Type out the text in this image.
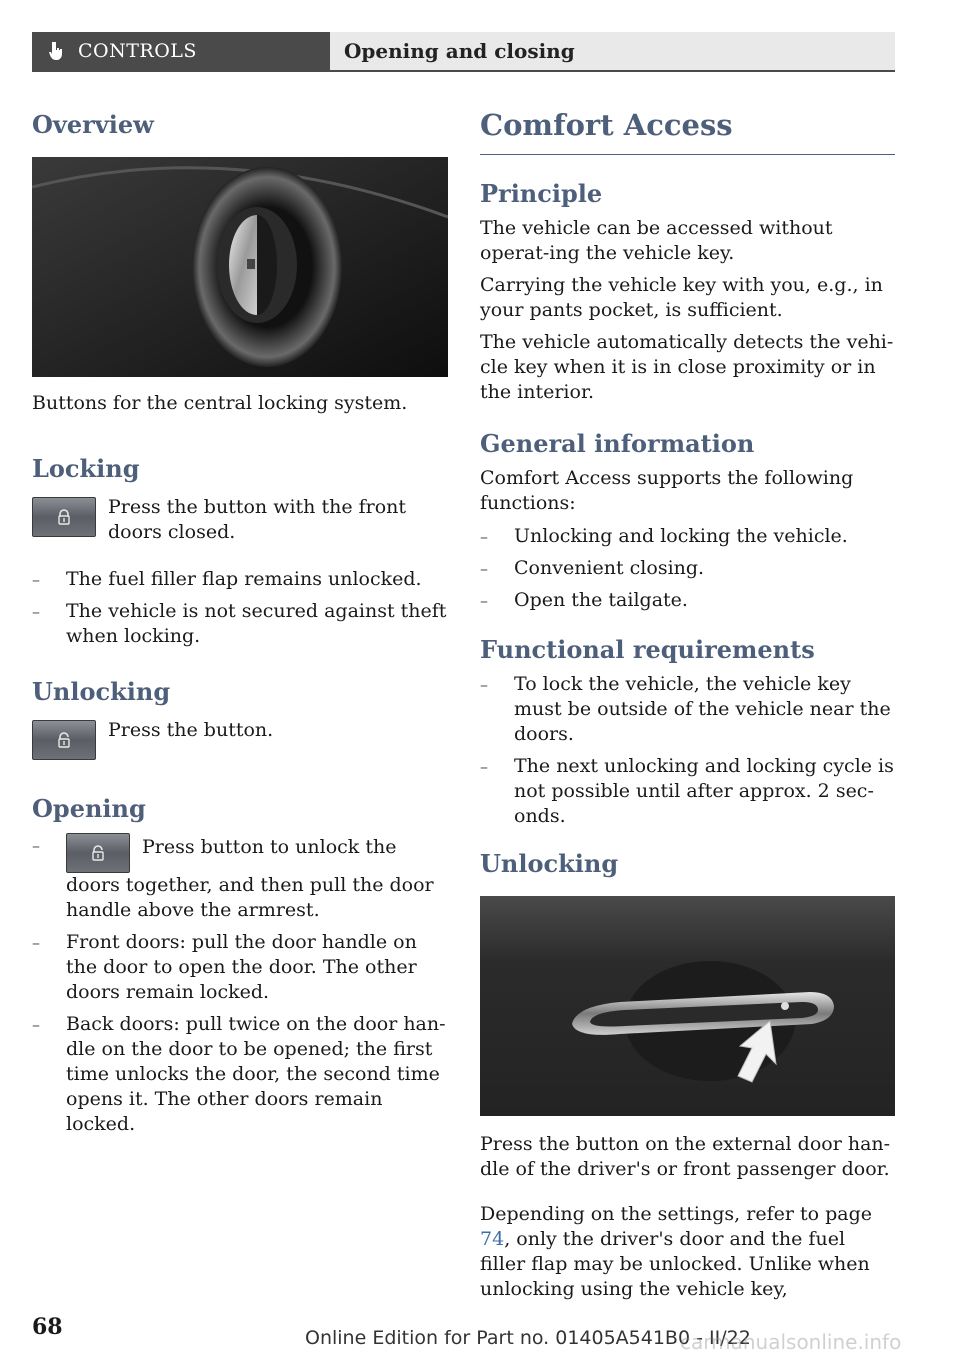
CONTROLS	Opening and closing
Overview

Buttons for the central locking system.

Locking

Press the button with the front doors closed.

– The fuel filler flap remains unlocked.
– The vehicle is not secured against theft when locking.
Unlocking

Press the button.

Opening
– Press button to unlock the doors together, and then pull the door handle above the armrest.
– Front doors: pull the door handle on the door to open the door. The other doors remain locked.
– Back doors: pull twice on the door han-dle on the door to be opened; the first time unlocks the door, the second time opens it. The other doors remain locked.
Comfort Access
Principle

The vehicle can be accessed without operat-ing the vehicle key.

Carrying the vehicle key with you, e.g., in your pants pocket, is sufficient.

The vehicle automatically detects the vehi-cle key when it is in close proximity or in the interior.

General information

Comfort Access supports the following functions:

– Unlocking and locking the vehicle.
– Convenient closing.
– Open the tailgate.
Functional requirements
– To lock the vehicle, the vehicle key must be outside of the vehicle near the doors.
– The next unlocking and locking cycle is not possible until after approx. 2 sec-onds.
Unlocking

Press the button on the external door han-dle of the driver's or front passenger door.

Depending on the settings, refer to page 74, only the driver's door and the fuel filler flap may be unlocked. Unlike when unlocking using the vehicle key,

68	Online Edition for Part no. 01405A541B0 - II/22
carmanualsonline.info
